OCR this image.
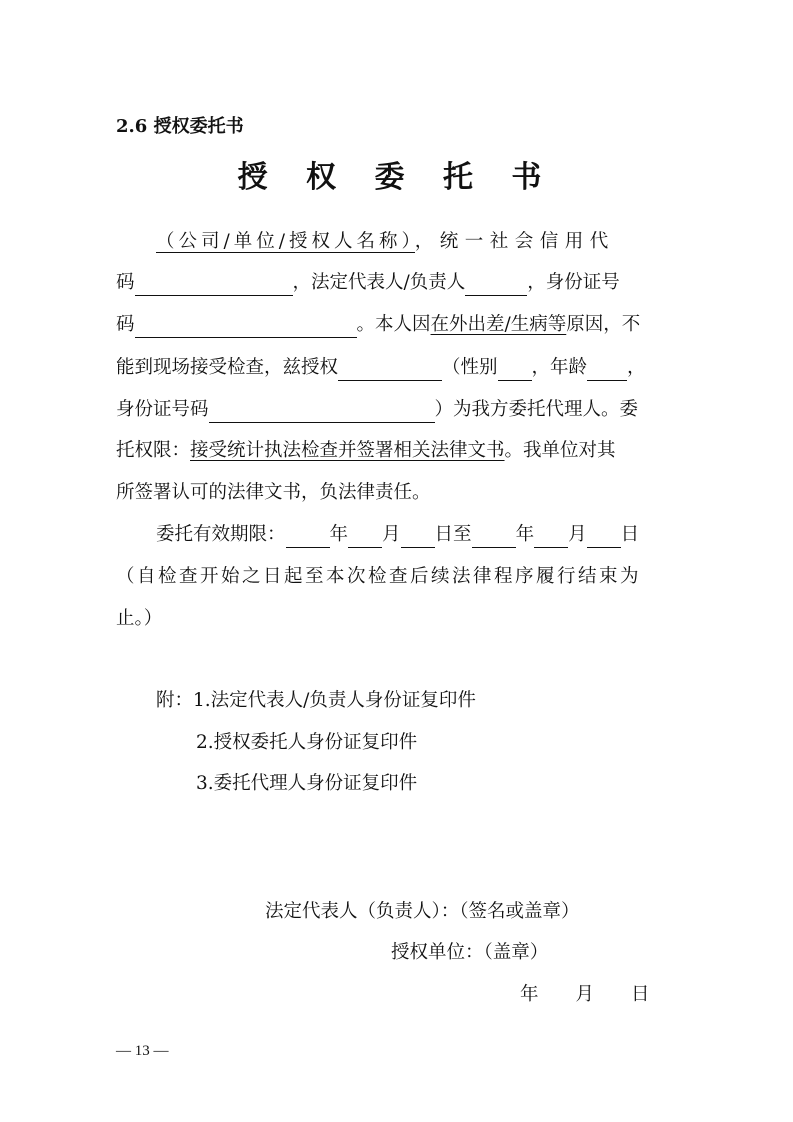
2.6 授权委托书
授 权 委 托 书
（公司/单位/授权人名称），统一社会信用代
码	，法定代表人/负责人	，身份证号
码	。本人因在外出差/生病等原因，不
能到现场接受检查，兹授权	（性别 ，年龄 ，
身份证号码	）为我方委托代理人。委
托权限：接受统计执法检查并签署相关法律文书。我单位对其
所签署认可的法律文书，负法律责任。
委托有效期限： 年 月 日至 年 月 日
（自检查开始之日起至本次检查后续法律程序履行结束为
止。）
附：1.法定代表人/负责人身份证复印件
2.授权委托人身份证复印件
3.委托代理人身份证复印件
法定代表人（负责人）：（签名或盖章）
授权单位：（盖章）
年　　月　　日
— 13 —
